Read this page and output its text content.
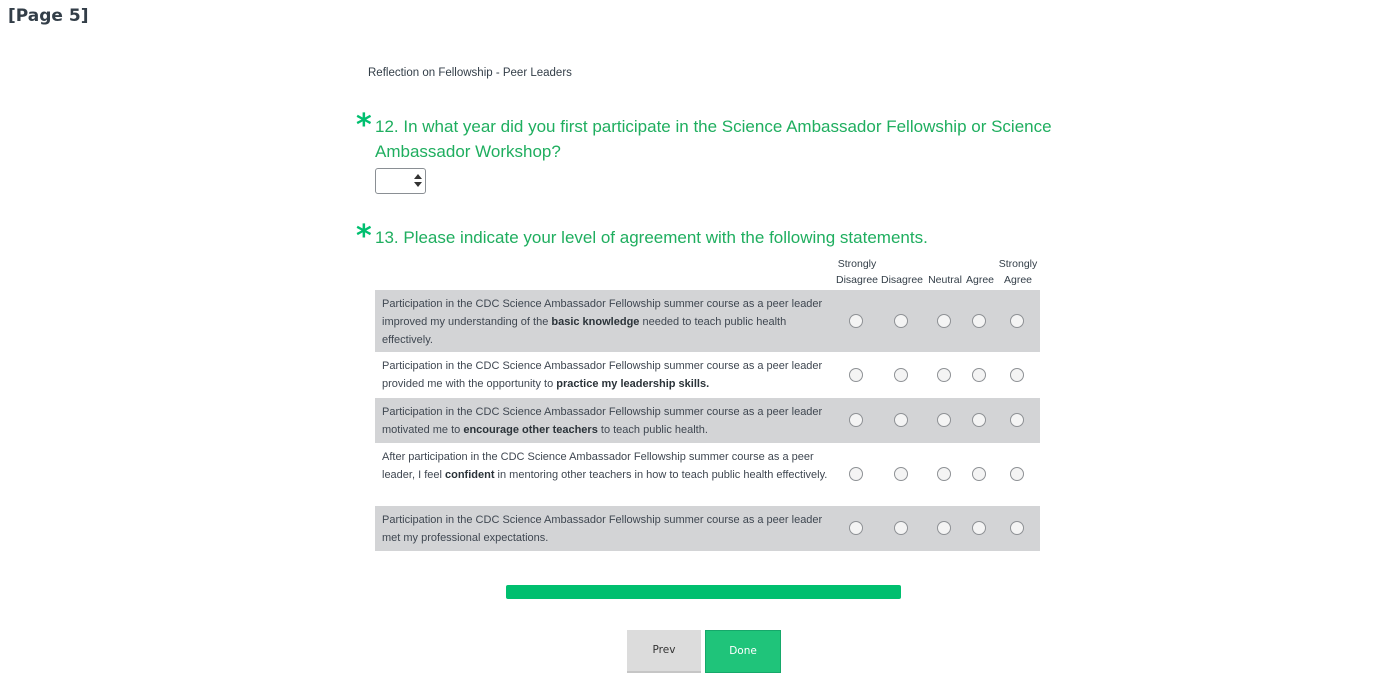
[Page 5]
Reflection on Fellowship - Peer Leaders
* 12. In what year did you first participate in the Science Ambassador Fellowship or Science Ambassador Workshop?
* 13. Please indicate your level of agreement with the following statements.
Strongly
Disagree
Disagree
Neutral
Agree
Strongly
Agree
Participation in the CDC Science Ambassador Fellowship summer course as a peer leader improved my understanding of the basic knowledge needed to teach public health effectively.
Participation in the CDC Science Ambassador Fellowship summer course as a peer leader provided me with the opportunity to practice my leadership skills.
Participation in the CDC Science Ambassador Fellowship summer course as a peer leader motivated me to encourage other teachers to teach public health.
After participation in the CDC Science Ambassador Fellowship summer course as a peer leader, I feel confident in mentoring other teachers in how to teach public health effectively.
Participation in the CDC Science Ambassador Fellowship summer course as a peer leader met my professional expectations.
Prev	Done
